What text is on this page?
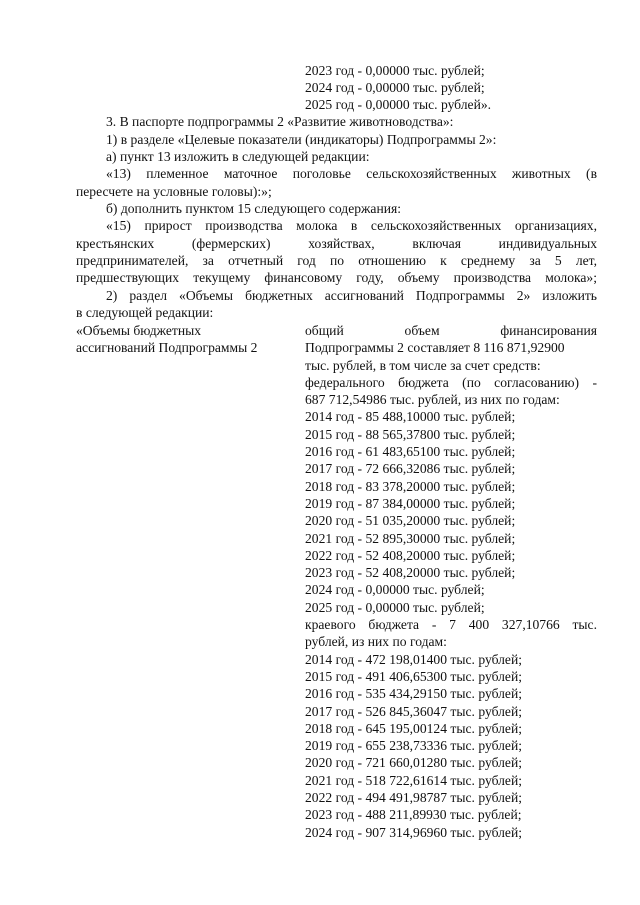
2023 год - 0,00000 тыс. рублей;
2024 год - 0,00000 тыс. рублей;
2025 год - 0,00000 тыс. рублей».
3. В паспорте подпрограммы 2 «Развитие животноводства»:
1) в разделе «Целевые показатели (индикаторы) Подпрограммы 2»:
а) пункт 13 изложить в следующей редакции:
«13) племенное маточное поголовье сельскохозяйственных животных (в
пересчете на условные головы):»;
б) дополнить пунктом 15 следующего содержания:
«15) прирост производства молока в сельскохозяйственных организациях,
крестьянских (фермерских) хозяйствах, включая индивидуальных
предпринимателей, за отчетный год по отношению к среднему за 5 лет,
предшествующих текущему финансовому году, объему производства молока»;
2) раздел «Объемы бюджетных ассигнований Подпрограммы 2» изложить
в следующей редакции:
«Объемы бюджетных
ассигнований Подпрограммы 2
общий объем финансирования
Подпрограммы 2 составляет 8 116 871,92900
тыс. рублей, в том числе за счет средств:
федерального бюджета (по согласованию) -
687 712,54986 тыс. рублей, из них по годам:
2014 год - 85 488,10000 тыс. рублей;
2015 год - 88 565,37800 тыс. рублей;
2016 год - 61 483,65100 тыс. рублей;
2017 год - 72 666,32086 тыс. рублей;
2018 год - 83 378,20000 тыс. рублей;
2019 год - 87 384,00000 тыс. рублей;
2020 год - 51 035,20000 тыс. рублей;
2021 год - 52 895,30000 тыс. рублей;
2022 год - 52 408,20000 тыс. рублей;
2023 год - 52 408,20000 тыс. рублей;
2024 год - 0,00000 тыс. рублей;
2025 год - 0,00000 тыс. рублей;
краевого бюджета - 7 400 327,10766 тыс.
рублей, из них по годам:
2014 год - 472 198,01400 тыс. рублей;
2015 год - 491 406,65300 тыс. рублей;
2016 год - 535 434,29150 тыс. рублей;
2017 год - 526 845,36047 тыс. рублей;
2018 год - 645 195,00124 тыс. рублей;
2019 год - 655 238,73336 тыс. рублей;
2020 год - 721 660,01280 тыс. рублей;
2021 год - 518 722,61614 тыс. рублей;
2022 год - 494 491,98787 тыс. рублей;
2023 год - 488 211,89930 тыс. рублей;
2024 год - 907 314,96960 тыс. рублей;
